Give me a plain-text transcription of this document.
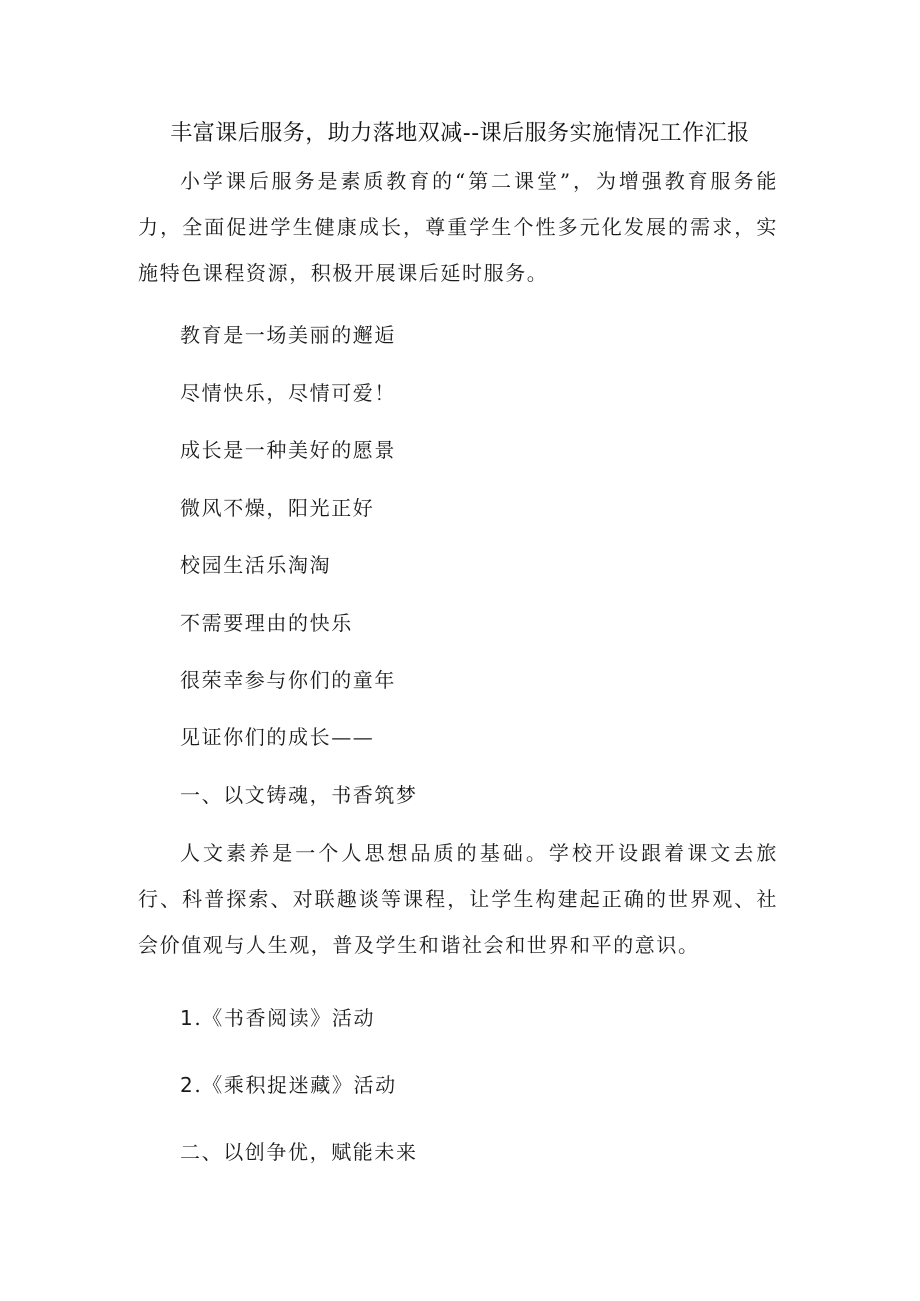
丰富课后服务，助力落地双减--课后服务实施情况工作汇报

小学课后服务是素质教育的“第二课堂”，为增强教育服务能力，全面促进学生健康成长，尊重学生个性多元化发展的需求，实施特色课程资源，积极开展课后延时服务。

教育是一场美丽的邂逅

尽情快乐，尽情可爱！

成长是一种美好的愿景

微风不燥，阳光正好

校园生活乐淘淘

不需要理由的快乐

很荣幸参与你们的童年

见证你们的成长——

一、以文铸魂，书香筑梦

人文素养是一个人思想品质的基础。学校开设跟着课文去旅行、科普探索、对联趣谈等课程，让学生构建起正确的世界观、社会价值观与人生观，普及学生和谐社会和世界和平的意识。

1.《书香阅读》活动

2.《乘积捉迷藏》活动

二、以创争优，赋能未来
